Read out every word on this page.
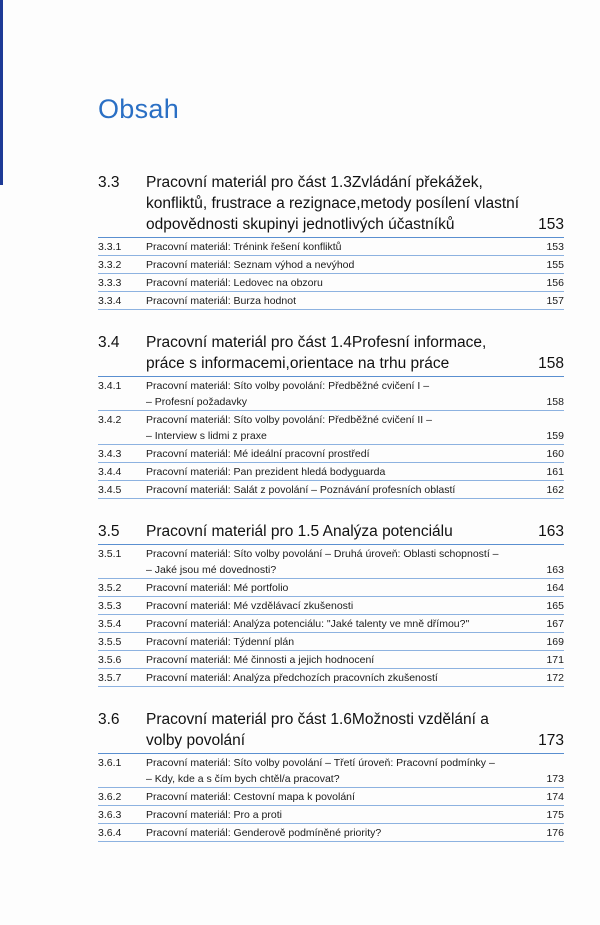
Obsah
3.3	Pracovní materiál pro část 1.3Zvládání překážek, konfliktů, frustrace a rezignace,metody posílení vlastní odpovědnosti skupinyi jednotlivých účastníků	153
3.3.1	Pracovní materiál: Trénink řešení konfliktů	153
3.3.2	Pracovní materiál: Seznam výhod a nevýhod	155
3.3.3	Pracovní materiál: Ledovec na obzoru	156
3.3.4	Pracovní materiál: Burza hodnot	157
3.4	Pracovní materiál pro část 1.4Profesní informace, práce s informacemi,orientace na trhu práce	158
3.4.1	Pracovní materiál: Síto volby povolání: Předběžné cvičení I –
– Profesní požadavky	158
3.4.2	Pracovní materiál: Síto volby povolání: Předběžné cvičení II –
– Interview s lidmi z praxe	159
3.4.3	Pracovní materiál: Mé ideální pracovní prostředí	160
3.4.4	Pracovní materiál: Pan prezident hledá bodyguarda	161
3.4.5	Pracovní materiál: Salát z povolání – Poznávání profesních oblastí	162
3.5	Pracovní materiál pro 1.5 Analýza potenciálu	163
3.5.1	Pracovní materiál: Síto volby povolání – Druhá úroveň: Oblasti schopností –
– Jaké jsou mé dovednosti?	163
3.5.2	Pracovní materiál: Mé portfolio	164
3.5.3	Pracovní materiál: Mé vzdělávací zkušenosti	165
3.5.4	Pracovní materiál: Analýza potenciálu: "Jaké talenty ve mně dřímou?"	167
3.5.5	Pracovní materiál: Týdenní plán	169
3.5.6	Pracovní materiál: Mé činnosti a jejich hodnocení	171
3.5.7	Pracovní materiál: Analýza předchozích pracovních zkušeností	172
3.6	Pracovní materiál pro část 1.6Možnosti vzdělání a volby povolání	173
3.6.1	Pracovní materiál: Síto volby povolání – Třetí úroveň: Pracovní podmínky –
– Kdy, kde a s čím bych chtěl/a pracovat?	173
3.6.2	Pracovní materiál: Cestovní mapa k povolání	174
3.6.3	Pracovní materiál: Pro a proti	175
3.6.4	Pracovní materiál: Genderově podmíněné priority?	176
